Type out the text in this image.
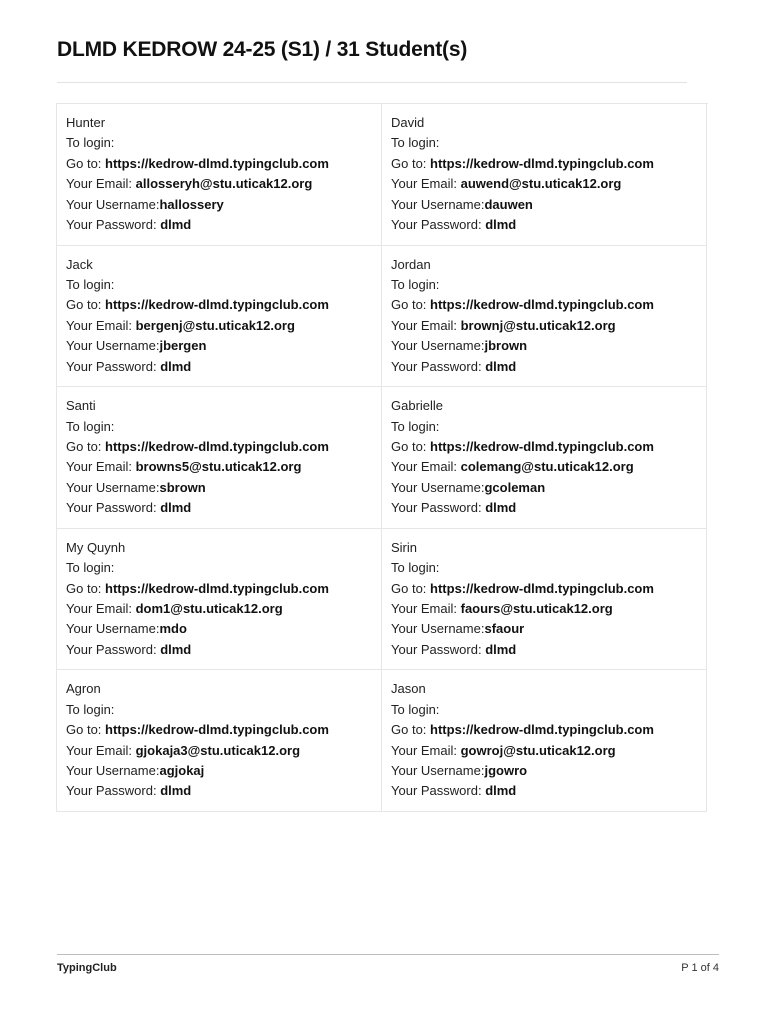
DLMD KEDROW 24-25 (S1) / 31 Student(s)
Hunter
To login:
Go to: https://kedrow-dlmd.typingclub.com
Your Email: allosseryh@stu.uticak12.org
Your Username:hallossery
Your Password: dlmd
David
To login:
Go to: https://kedrow-dlmd.typingclub.com
Your Email: auwend@stu.uticak12.org
Your Username:dauwen
Your Password: dlmd
Jack
To login:
Go to: https://kedrow-dlmd.typingclub.com
Your Email: bergenj@stu.uticak12.org
Your Username:jbergen
Your Password: dlmd
Jordan
To login:
Go to: https://kedrow-dlmd.typingclub.com
Your Email: brownj@stu.uticak12.org
Your Username:jbrown
Your Password: dlmd
Santi
To login:
Go to: https://kedrow-dlmd.typingclub.com
Your Email: browns5@stu.uticak12.org
Your Username:sbrown
Your Password: dlmd
Gabrielle
To login:
Go to: https://kedrow-dlmd.typingclub.com
Your Email: colemang@stu.uticak12.org
Your Username:gcoleman
Your Password: dlmd
My Quynh
To login:
Go to: https://kedrow-dlmd.typingclub.com
Your Email: dom1@stu.uticak12.org
Your Username:mdo
Your Password: dlmd
Sirin
To login:
Go to: https://kedrow-dlmd.typingclub.com
Your Email: faours@stu.uticak12.org
Your Username:sfaour
Your Password: dlmd
Agron
To login:
Go to: https://kedrow-dlmd.typingclub.com
Your Email: gjokaja3@stu.uticak12.org
Your Username:agjokaj
Your Password: dlmd
Jason
To login:
Go to: https://kedrow-dlmd.typingclub.com
Your Email: gowroj@stu.uticak12.org
Your Username:jgowro
Your Password: dlmd
TypingClub	P 1 of 4
